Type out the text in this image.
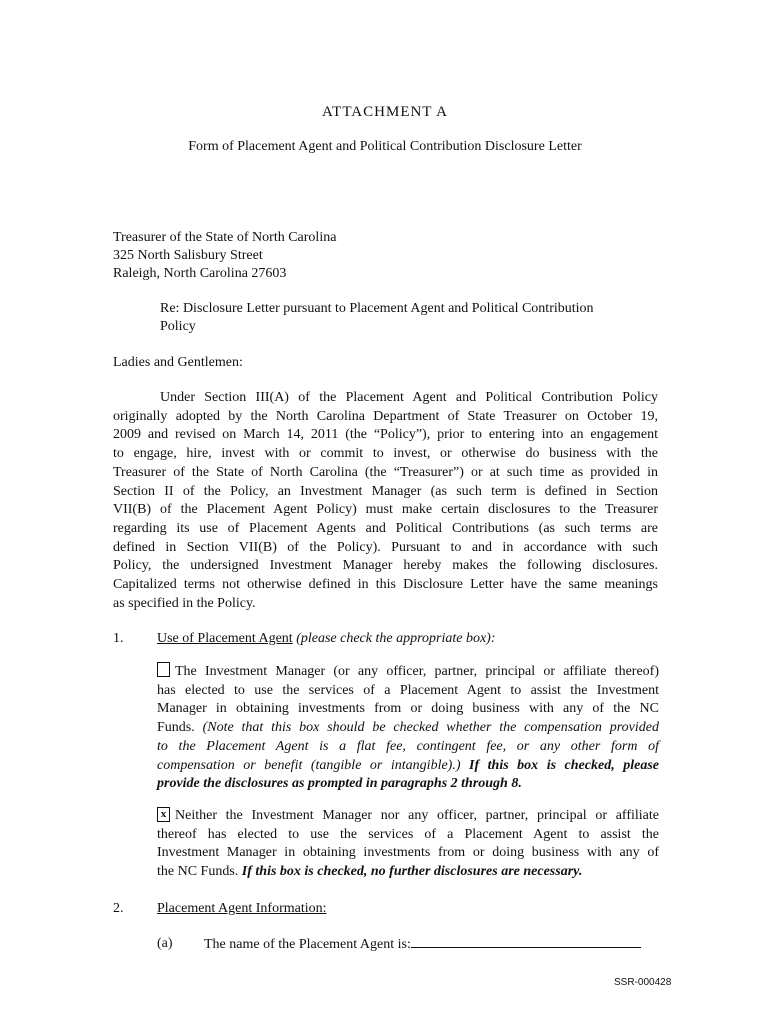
ATTACHMENT A
Form of Placement Agent and Political Contribution Disclosure Letter
Treasurer of the State of North Carolina
325 North Salisbury Street
Raleigh, North Carolina 27603
Re: Disclosure Letter pursuant to Placement Agent and Political Contribution
Policy
Ladies and Gentlemen:
Under Section III(A) of the Placement Agent and Political Contribution Policy
originally adopted by the North Carolina Department of State Treasurer on October 19,
2009 and revised on March 14, 2011 (the “Policy”), prior to entering into an engagement
to engage, hire, invest with or commit to invest, or otherwise do business with the
Treasurer of the State of North Carolina (the “Treasurer”) or at such time as provided in
Section II of the Policy, an Investment Manager (as such term is defined in Section
VII(B) of the Placement Agent Policy) must make certain disclosures to the Treasurer
regarding its use of Placement Agents and Political Contributions (as such terms are
defined in Section VII(B) of the Policy). Pursuant to and in accordance with such
Policy, the undersigned Investment Manager hereby makes the following disclosures.
Capitalized terms not otherwise defined in this Disclosure Letter have the same meanings
as specified in the Policy.
1. Use of Placement Agent (please check the appropriate box):
The Investment Manager (or any officer, partner, principal or affiliate thereof)
has elected to use the services of a Placement Agent to assist the Investment
Manager in obtaining investments from or doing business with any of the NC
Funds. (Note that this box should be checked whether the compensation provided
to the Placement Agent is a flat fee, contingent fee, or any other form of
compensation or benefit (tangible or intangible).) If this box is checked, please
provide the disclosures as prompted in paragraphs 2 through 8.
x Neither the Investment Manager nor any officer, partner, principal or affiliate
thereof has elected to use the services of a Placement Agent to assist the
Investment Manager in obtaining investments from or doing business with any of
the NC Funds. If this box is checked, no further disclosures are necessary.
2. Placement Agent Information:
(a) The name of the Placement Agent is:
SSR-000428
